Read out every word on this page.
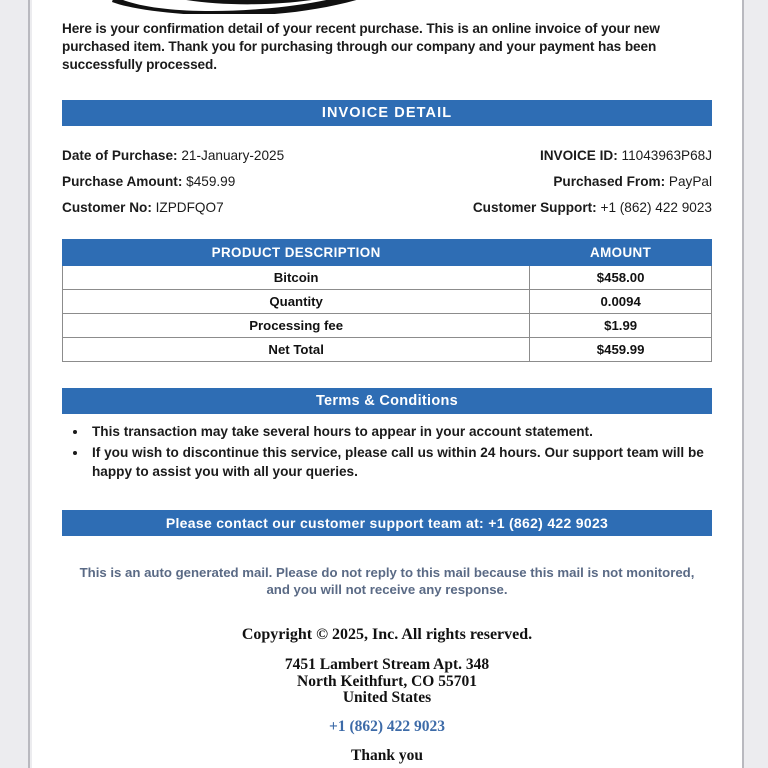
Here is your confirmation detail of your recent purchase. This is an online invoice of your new purchased item. Thank you for purchasing through our company and your payment has been successfully processed.

INVOICE DETAIL
Date of Purchase: 21-January-2025	INVOICE ID: 11043963P68J
Purchase Amount: $459.99	Purchased From: PayPal
Customer No: IZPDFQO7	Customer Support: +1 (862) 422 9023
PRODUCT DESCRIPTION	AMOUNT
Bitcoin	$458.00
Quantity	0.0094
Processing fee	$1.99
Net Total	$459.99
Terms & Conditions
• This transaction may take several hours to appear in your account statement.
• If you wish to discontinue this service, please call us within 24 hours. Our support team will be happy to assist you with all your queries.
Please contact our customer support team at: +1 (862) 422 9023
This is an auto generated mail. Please do not reply to this mail because this mail is not monitored, and you will not receive any response.
Copyright © 2025, Inc. All rights reserved.
7451 Lambert Stream Apt. 348
North Keithfurt, CO 55701
United States
+1 (862) 422 9023
Thank you
